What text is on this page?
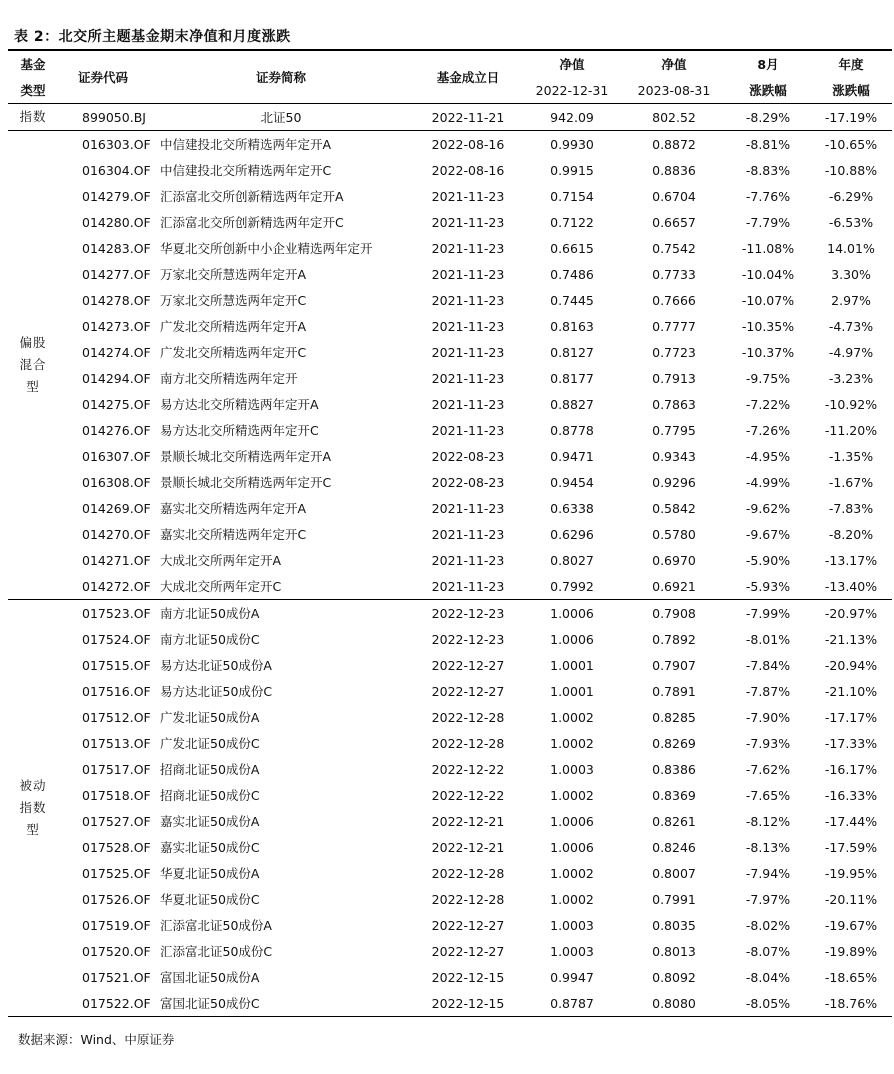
表 2：北交所主题基金期末净值和月度涨跌
基金	证券代码	证券简称	基金成立日	净值	净值	8月	年度
类型				2022-12-31	2023-08-31	涨跌幅	涨跌幅

指数	899050.BJ	北证50	2022-11-21	942.09	802.52	-8.29%	-17.19%

偏股
混合
型	016303.OF	中信建投北交所精选两年定开A	2022-08-16	0.9930	0.8872	-8.81%	-10.65%
	016304.OF	中信建投北交所精选两年定开C	2022-08-16	0.9915	0.8836	-8.83%	-10.88%
	014279.OF	汇添富北交所创新精选两年定开A	2021-11-23	0.7154	0.6704	-7.76%	-6.29%
	014280.OF	汇添富北交所创新精选两年定开C	2021-11-23	0.7122	0.6657	-7.79%	-6.53%
	014283.OF	华夏北交所创新中小企业精选两年定开	2021-11-23	0.6615	0.7542	-11.08%	14.01%
	014277.OF	万家北交所慧选两年定开A	2021-11-23	0.7486	0.7733	-10.04%	3.30%
	014278.OF	万家北交所慧选两年定开C	2021-11-23	0.7445	0.7666	-10.07%	2.97%
	014273.OF	广发北交所精选两年定开A	2021-11-23	0.8163	0.7777	-10.35%	-4.73%
	014274.OF	广发北交所精选两年定开C	2021-11-23	0.8127	0.7723	-10.37%	-4.97%
	014294.OF	南方北交所精选两年定开	2021-11-23	0.8177	0.7913	-9.75%	-3.23%
	014275.OF	易方达北交所精选两年定开A	2021-11-23	0.8827	0.7863	-7.22%	-10.92%
	014276.OF	易方达北交所精选两年定开C	2021-11-23	0.8778	0.7795	-7.26%	-11.20%
	016307.OF	景顺长城北交所精选两年定开A	2022-08-23	0.9471	0.9343	-4.95%	-1.35%
	016308.OF	景顺长城北交所精选两年定开C	2022-08-23	0.9454	0.9296	-4.99%	-1.67%
	014269.OF	嘉实北交所精选两年定开A	2021-11-23	0.6338	0.5842	-9.62%	-7.83%
	014270.OF	嘉实北交所精选两年定开C	2021-11-23	0.6296	0.5780	-9.67%	-8.20%
	014271.OF	大成北交所两年定开A	2021-11-23	0.8027	0.6970	-5.90%	-13.17%
	014272.OF	大成北交所两年定开C	2021-11-23	0.7992	0.6921	-5.93%	-13.40%

被动
指数
型	017523.OF	南方北证50成份A	2022-12-23	1.0006	0.7908	-7.99%	-20.97%
	017524.OF	南方北证50成份C	2022-12-23	1.0006	0.7892	-8.01%	-21.13%
	017515.OF	易方达北证50成份A	2022-12-27	1.0001	0.7907	-7.84%	-20.94%
	017516.OF	易方达北证50成份C	2022-12-27	1.0001	0.7891	-7.87%	-21.10%
	017512.OF	广发北证50成份A	2022-12-28	1.0002	0.8285	-7.90%	-17.17%
	017513.OF	广发北证50成份C	2022-12-28	1.0002	0.8269	-7.93%	-17.33%
	017517.OF	招商北证50成份A	2022-12-22	1.0003	0.8386	-7.62%	-16.17%
	017518.OF	招商北证50成份C	2022-12-22	1.0002	0.8369	-7.65%	-16.33%
	017527.OF	嘉实北证50成份A	2022-12-21	1.0006	0.8261	-8.12%	-17.44%
	017528.OF	嘉实北证50成份C	2022-12-21	1.0006	0.8246	-8.13%	-17.59%
	017525.OF	华夏北证50成份A	2022-12-28	1.0002	0.8007	-7.94%	-19.95%
	017526.OF	华夏北证50成份C	2022-12-28	1.0002	0.7991	-7.97%	-20.11%
	017519.OF	汇添富北证50成份A	2022-12-27	1.0003	0.8035	-8.02%	-19.67%
	017520.OF	汇添富北证50成份C	2022-12-27	1.0003	0.8013	-8.07%	-19.89%
	017521.OF	富国北证50成份A	2022-12-15	0.9947	0.8092	-8.04%	-18.65%
	017522.OF	富国北证50成份C	2022-12-15	0.8787	0.8080	-8.05%	-18.76%
数据来源：Wind、中原证券
